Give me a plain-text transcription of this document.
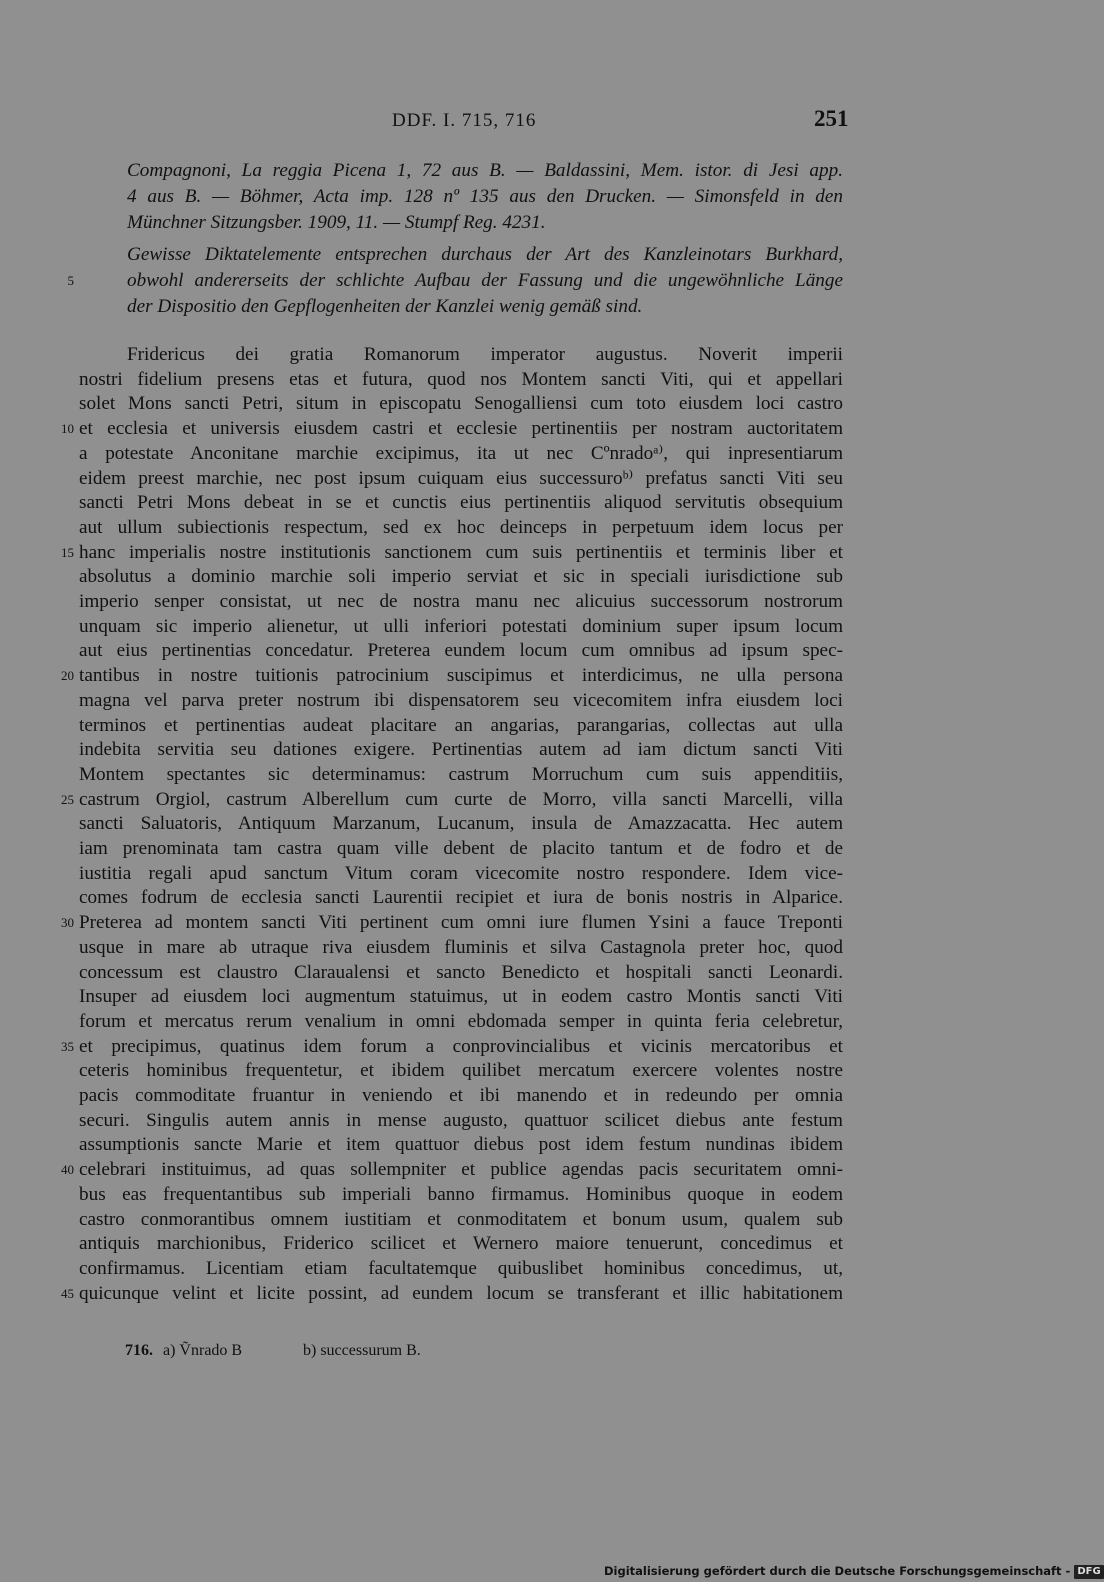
DDF. I. 715, 716	251
Compagnoni, La reggia Picena 1, 72 aus B. — Baldassini, Mem. istor. di Jesi app.
4 aus B. — Böhmer, Acta imp. 128 nº 135 aus den Drucken. — Simonsfeld in den
Münchner Sitzungsber. 1909, 11. — Stumpf Reg. 4231.
Gewisse Diktatelemente entsprechen durchaus der Art des Kanzleinotars Burkhard,
5	obwohl andererseits der schlichte Aufbau der Fassung und die ungewöhnliche Länge
der Dispositio den Gepflogenheiten der Kanzlei wenig gemäß sind.
Fridericus dei gratia Romanorum imperator augustus. Noverit imperii
nostri fidelium presens etas et futura, quod nos Montem sancti Viti, qui et appellari
solet Mons sancti Petri, situm in episcopatu Senogalliensi cum toto eiusdem loci castro
10 et ecclesia et universis eiusdem castri et ecclesie pertinentiis per nostram auctoritatem
a potestate Anconitane marchie excipimus, ita ut nec Cºnradoᵃ⁾, qui inpresentiarum
eidem preest marchie, nec post ipsum cuiquam eius successuroᵇ⁾ prefatus sancti Viti seu
sancti Petri Mons debeat in se et cunctis eius pertinentiis aliquod servitutis obsequium
aut ullum subiectionis respectum, sed ex hoc deinceps in perpetuum idem locus per
15 hanc imperialis nostre institutionis sanctionem cum suis pertinentiis et terminis liber et
absolutus a dominio marchie soli imperio serviat et sic in speciali iurisdictione sub
imperio senper consistat, ut nec de nostra manu nec alicuius successorum nostrorum
unquam sic imperio alienetur, ut ulli inferiori potestati dominium super ipsum locum
aut eius pertinentias concedatur. Preterea eundem locum cum omnibus ad ipsum spec-
20 tantibus in nostre tuitionis patrocinium suscipimus et interdicimus, ne ulla persona
magna vel parva preter nostrum ibi dispensatorem seu vicecomitem infra eiusdem loci
terminos et pertinentias audeat placitare an angarias, parangarias, collectas aut ulla
indebita servitia seu dationes exigere. Pertinentias autem ad iam dictum sancti Viti
Montem spectantes sic determinamus: castrum Morruchum cum suis appenditiis,
25 castrum Orgiol, castrum Alberellum cum curte de Morro, villa sancti Marcelli, villa
sancti Saluatoris, Antiquum Marzanum, Lucanum, insula de Amazzacatta. Hec autem
iam prenominata tam castra quam ville debent de placito tantum et de fodro et de
iustitia regali apud sanctum Vitum coram vicecomite nostro respondere. Idem vice-
comes fodrum de ecclesia sancti Laurentii recipiet et iura de bonis nostris in Alparice.
30 Preterea ad montem sancti Viti pertinent cum omni iure flumen Ysini a fauce Treponti
usque in mare ab utraque riva eiusdem fluminis et silva Castagnola preter hoc, quod
concessum est claustro Claraualensi et sancto Benedicto et hospitali sancti Leonardi.
Insuper ad eiusdem loci augmentum statuimus, ut in eodem castro Montis sancti Viti
forum et mercatus rerum venalium in omni ebdomada semper in quinta feria celebretur,
35 et precipimus, quatinus idem forum a conprovincialibus et vicinis mercatoribus et
ceteris hominibus frequentetur, et ibidem quilibet mercatum exercere volentes nostre
pacis commoditate fruantur in veniendo et ibi manendo et in redeundo per omnia
securi. Singulis autem annis in mense augusto, quattuor scilicet diebus ante festum
assumptionis sancte Marie et item quattuor diebus post idem festum nundinas ibidem
40 celebrari instituimus, ad quas sollempniter et publice agendas pacis securitatem omni-
bus eas frequentantibus sub imperiali banno firmamus. Hominibus quoque in eodem
castro conmorantibus omnem iustitiam et conmoditatem et bonum usum, qualem sub
antiquis marchionibus, Friderico scilicet et Wernero maiore tenuerunt, concedimus et
confirmamus. Licentiam etiam facultatemque quibuslibet hominibus concedimus, ut,
45 quicunque velint et licite possint, ad eundem locum se transferant et illic habitationem
716. a) Ṽnrado B	b) successurum B.
Digitalisierung gefördert durch die Deutsche Forschungsgemeinschaft - DFG
